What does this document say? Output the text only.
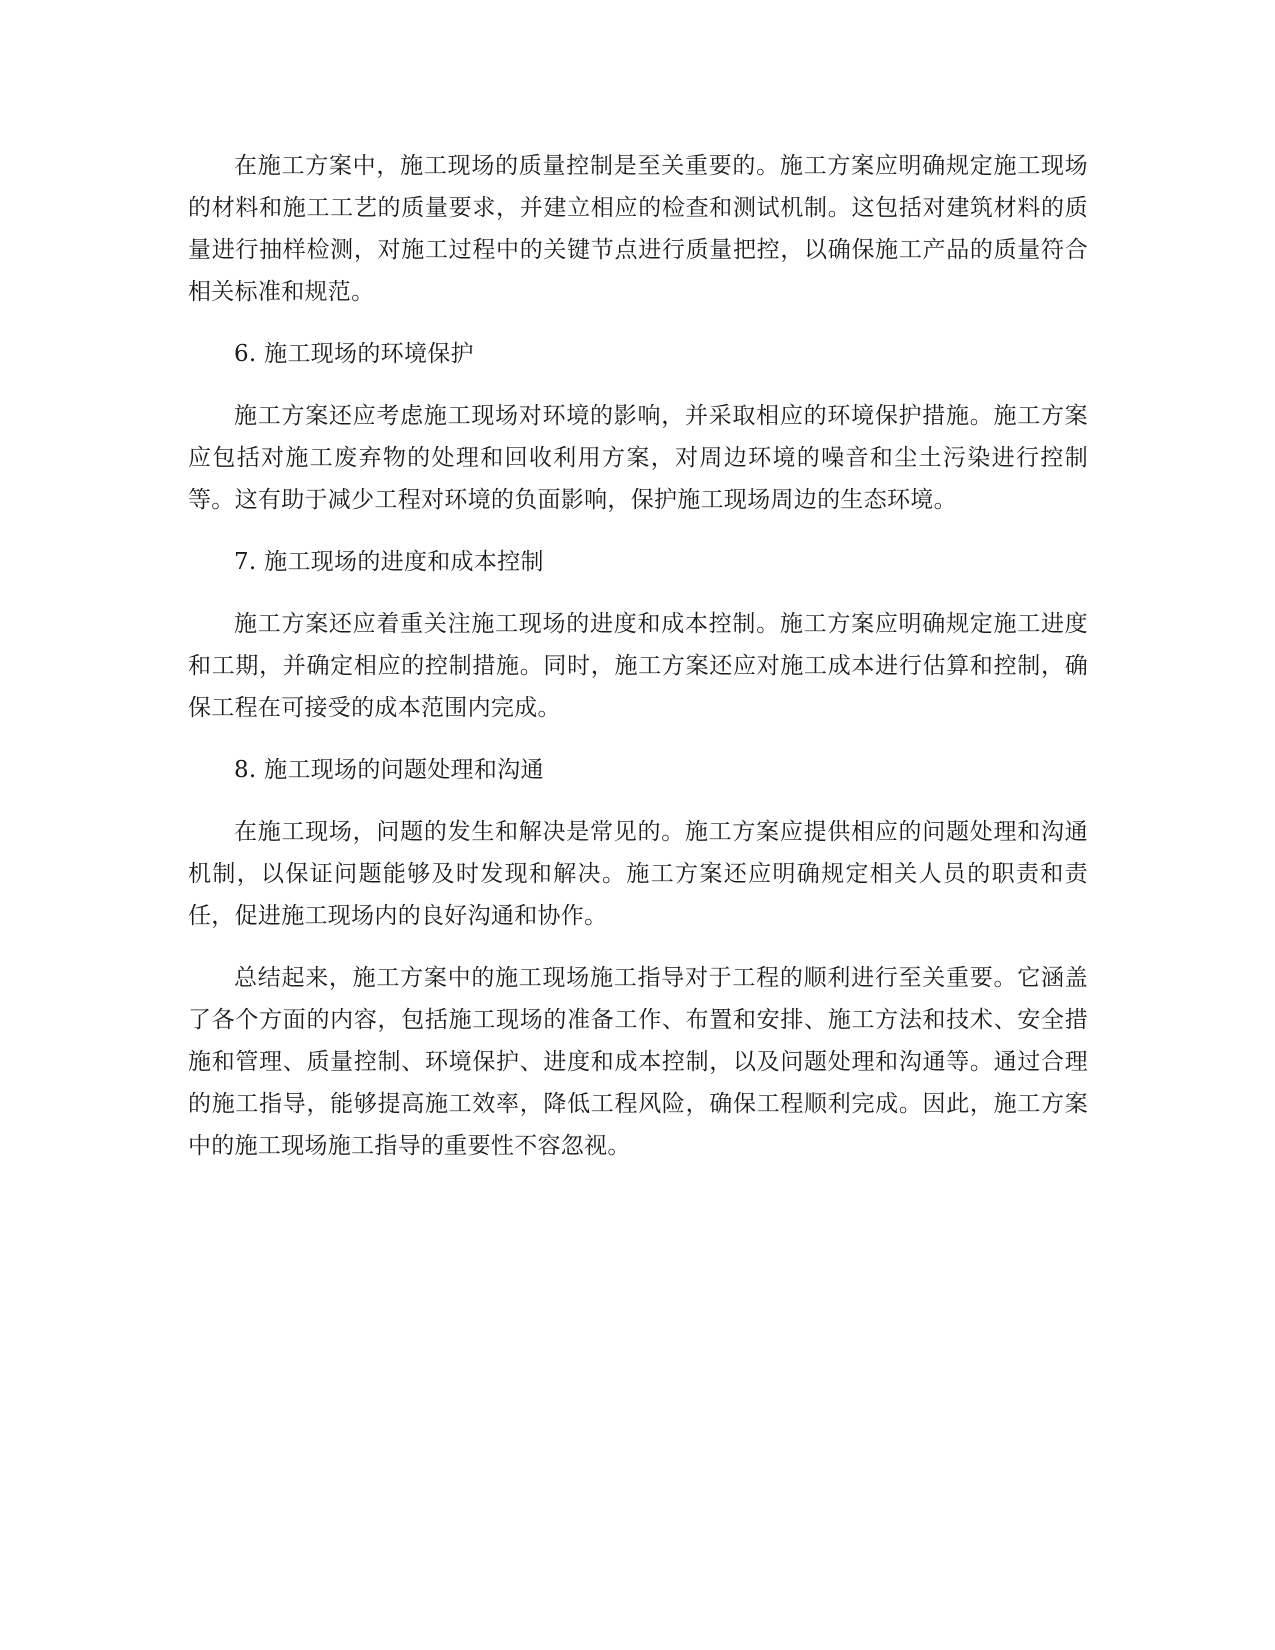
在施工方案中，施工现场的质量控制是至关重要的。施工方案应明确规定施工现场的材料和施工工艺的质量要求，并建立相应的检查和测试机制。这包括对建筑材料的质量进行抽样检测，对施工过程中的关键节点进行质量把控，以确保施工产品的质量符合相关标准和规范。

6. 施工现场的环境保护

施工方案还应考虑施工现场对环境的影响，并采取相应的环境保护措施。施工方案应包括对施工废弃物的处理和回收利用方案，对周边环境的噪音和尘土污染进行控制等。这有助于减少工程对环境的负面影响，保护施工现场周边的生态环境。

7. 施工现场的进度和成本控制

施工方案还应着重关注施工现场的进度和成本控制。施工方案应明确规定施工进度和工期，并确定相应的控制措施。同时，施工方案还应对施工成本进行估算和控制，确保工程在可接受的成本范围内完成。

8. 施工现场的问题处理和沟通

在施工现场，问题的发生和解决是常见的。施工方案应提供相应的问题处理和沟通机制，以保证问题能够及时发现和解决。施工方案还应明确规定相关人员的职责和责任，促进施工现场内的良好沟通和协作。

总结起来，施工方案中的施工现场施工指导对于工程的顺利进行至关重要。它涵盖了各个方面的内容，包括施工现场的准备工作、布置和安排、施工方法和技术、安全措施和管理、质量控制、环境保护、进度和成本控制，以及问题处理和沟通等。通过合理的施工指导，能够提高施工效率，降低工程风险，确保工程顺利完成。因此，施工方案中的施工现场施工指导的重要性不容忽视。
